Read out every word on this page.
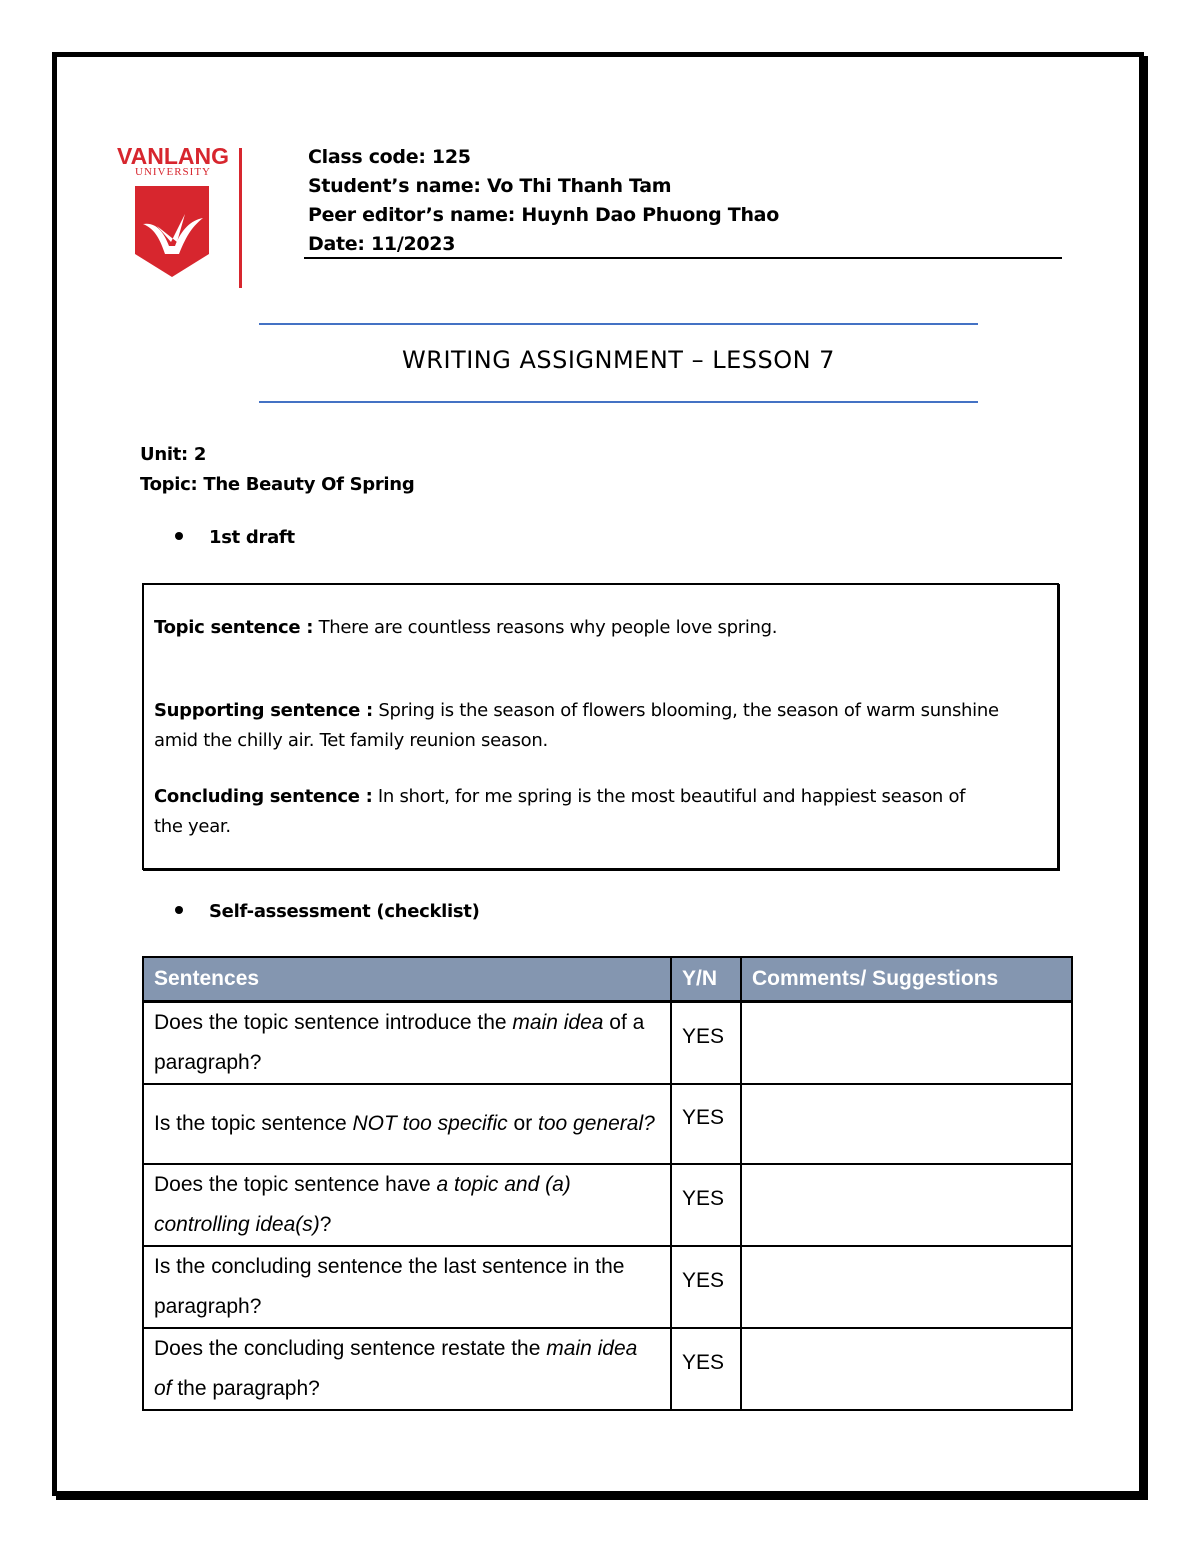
VANLANG
UNIVERSITY
Class code: 125
Student’s name: Vo Thi Thanh Tam
Peer editor’s name: Huynh Dao Phuong Thao
Date: 11/2023
WRITING ASSIGNMENT – LESSON 7
Unit: 2
Topic: The Beauty Of Spring
1st draft
Topic sentence : There are countless reasons why people love spring.
Supporting sentence : Spring is the season of flowers blooming, the season of warm sunshine
amid the chilly air. Tet family reunion season.
Concluding sentence : In short, for me spring is the most beautiful and happiest season of
the year.
Self-assessment (checklist)
Sentences	Y/N	Comments/ Suggestions
Does the topic sentence introduce the main idea of a paragraph?	YES	
Is the topic sentence NOT too specific or too general?	YES	
Does the topic sentence have a topic and (a) controlling idea(s)?	YES	
Is the concluding sentence the last sentence in the paragraph?	YES	
Does the concluding sentence restate the main idea of the paragraph?	YES	
